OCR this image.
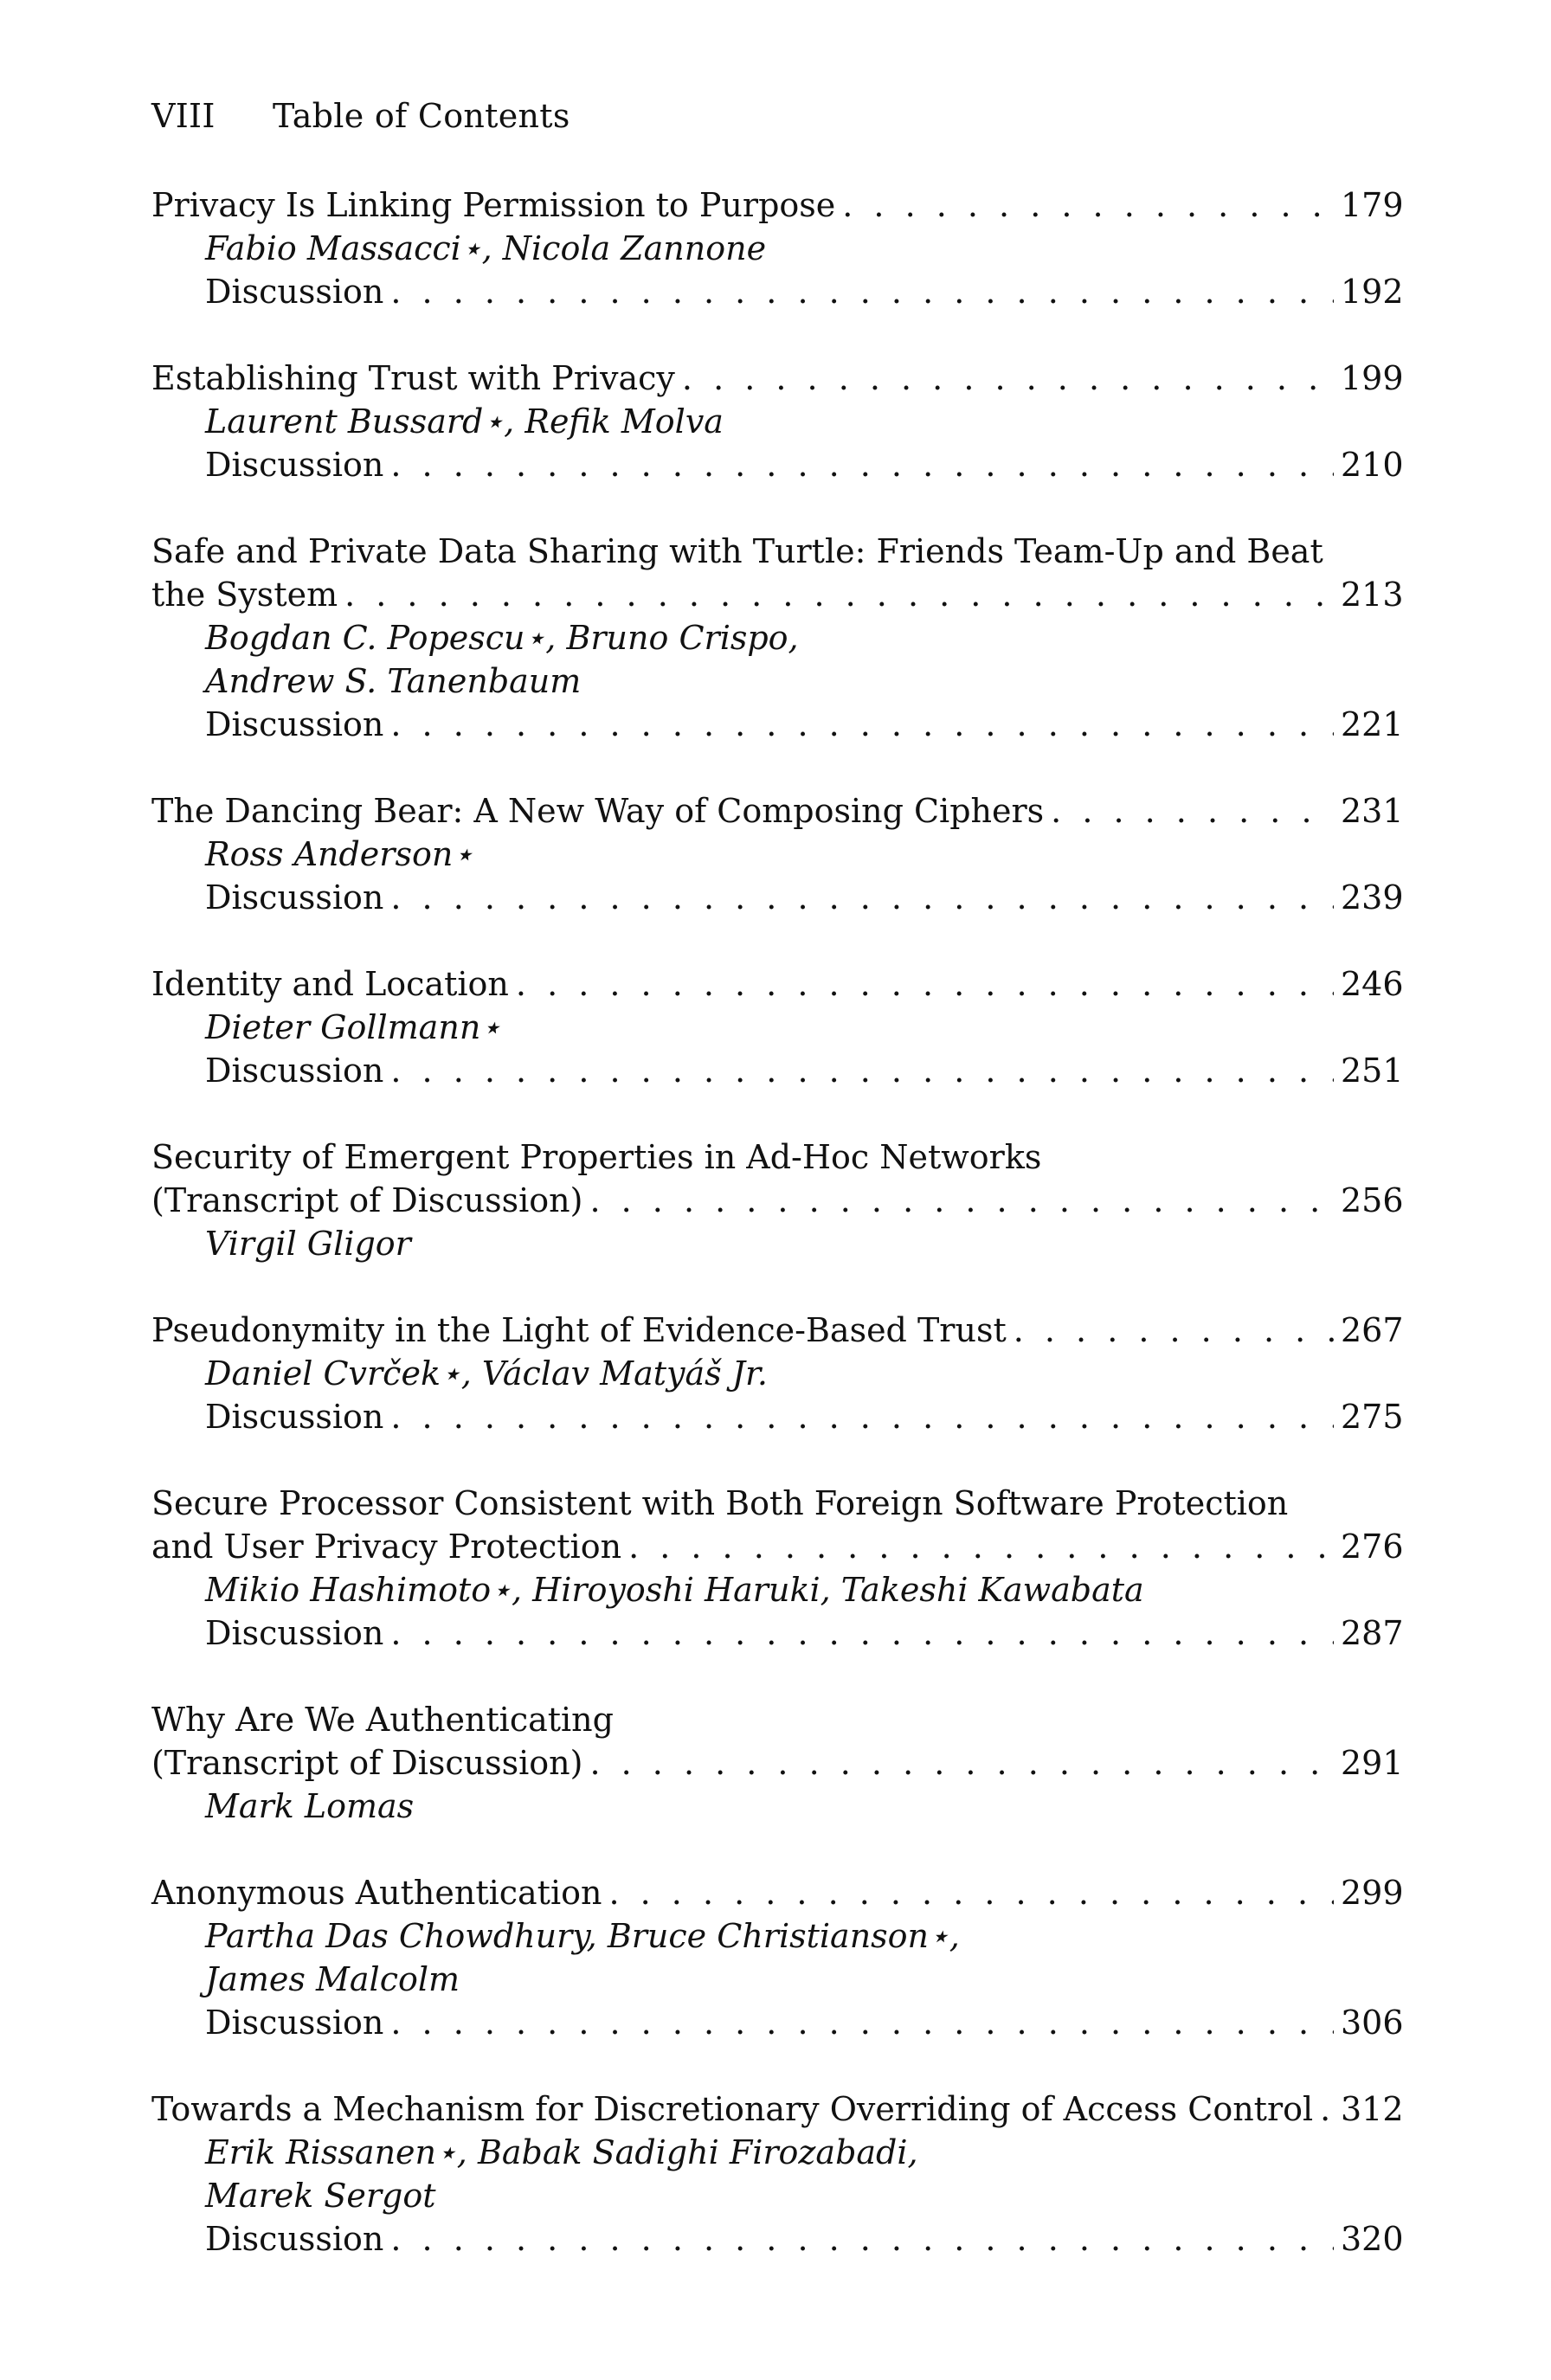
VIII Table of Contents
Privacy Is Linking Permission to Purpose . . .	179
Fabio Massacci⋆, Nicola Zannone
Discussion . . .	192
Establishing Trust with Privacy . . .	199
Laurent Bussard⋆, Refik Molva
Discussion . . .	210
Safe and Private Data Sharing with Turtle: Friends Team-Up and Beat
the System . . .	213
Bogdan C. Popescu⋆, Bruno Crispo,
Andrew S. Tanenbaum
Discussion . . .	221
The Dancing Bear: A New Way of Composing Ciphers . . .	231
Ross Anderson⋆
Discussion . . .	239
Identity and Location . . .	246
Dieter Gollmann⋆
Discussion . . .	251
Security of Emergent Properties in Ad-Hoc Networks
(Transcript of Discussion) . . .	256
Virgil Gligor
Pseudonymity in the Light of Evidence-Based Trust . . .	267
Daniel Cvrček⋆, Václav Matyáš Jr.
Discussion . . .	275
Secure Processor Consistent with Both Foreign Software Protection
and User Privacy Protection . . .	276
Mikio Hashimoto⋆, Hiroyoshi Haruki, Takeshi Kawabata
Discussion . . .	287
Why Are We Authenticating
(Transcript of Discussion) . . .	291
Mark Lomas
Anonymous Authentication . . .	299
Partha Das Chowdhury, Bruce Christianson⋆,
James Malcolm
Discussion . . .	306
Towards a Mechanism for Discretionary Overriding of Access Control . . . 312
Erik Rissanen⋆, Babak Sadighi Firozabadi,
Marek Sergot
Discussion . . .	320
